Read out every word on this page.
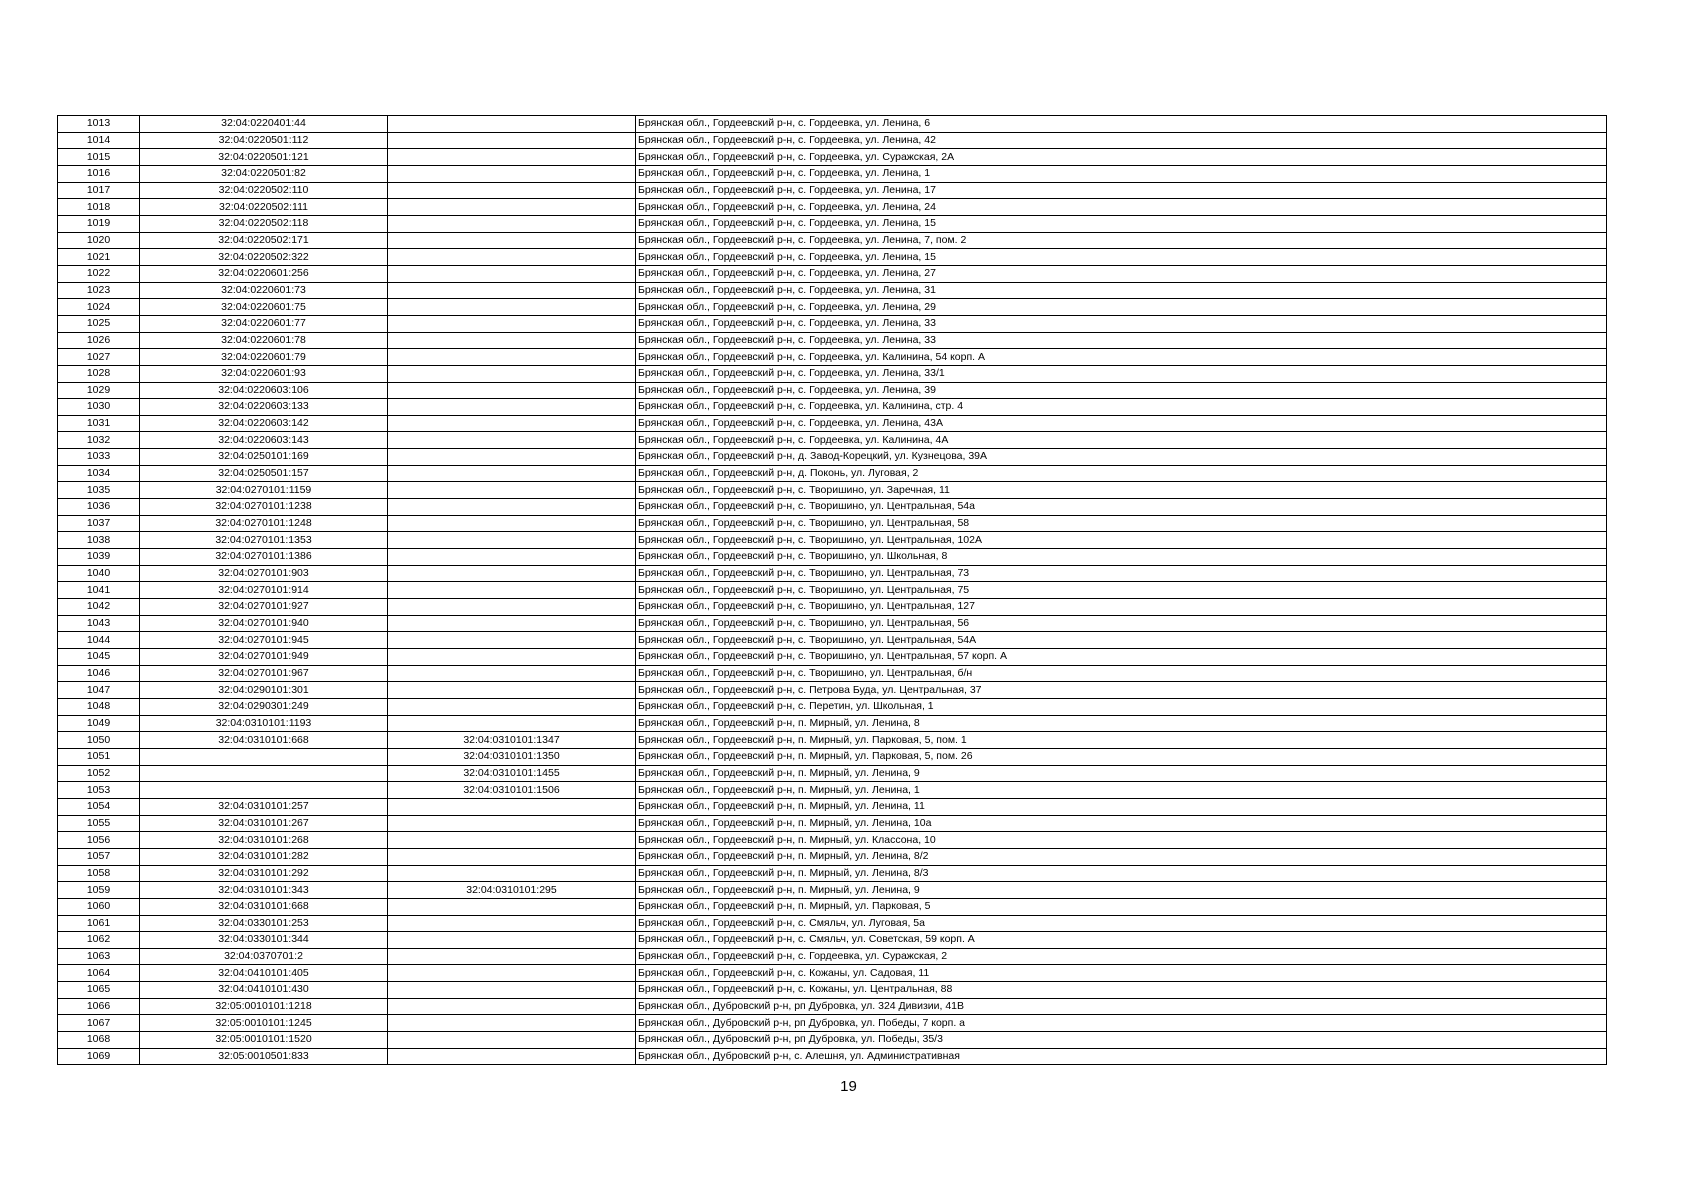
1013	32:04:0220401:44		Брянская обл., Гордеевский р-н, с. Гордеевка, ул. Ленина, 6
1014	32:04:0220501:112		Брянская обл., Гордеевский р-н, с. Гордеевка, ул. Ленина, 42
1015	32:04:0220501:121		Брянская обл., Гордеевский р-н, с. Гордеевка, ул. Суражская, 2А
1016	32:04:0220501:82		Брянская обл., Гордеевский р-н, с. Гордеевка, ул. Ленина, 1
1017	32:04:0220502:110		Брянская обл., Гордеевский р-н, с. Гордеевка, ул. Ленина, 17
1018	32:04:0220502:111		Брянская обл., Гордеевский р-н, с. Гордеевка, ул. Ленина, 24
1019	32:04:0220502:118		Брянская обл., Гордеевский р-н, с. Гордеевка, ул. Ленина, 15
1020	32:04:0220502:171		Брянская обл., Гордеевский р-н, с. Гордеевка, ул. Ленина, 7, пом. 2
1021	32:04:0220502:322		Брянская обл., Гордеевский р-н, с. Гордеевка, ул. Ленина, 15
1022	32:04:0220601:256		Брянская обл., Гордеевский р-н, с. Гордеевка, ул. Ленина, 27
1023	32:04:0220601:73		Брянская обл., Гордеевский р-н, с. Гордеевка, ул. Ленина, 31
1024	32:04:0220601:75		Брянская обл., Гордеевский р-н, с. Гордеевка, ул. Ленина, 29
1025	32:04:0220601:77		Брянская обл., Гордеевский р-н, с. Гордеевка, ул. Ленина, 33
1026	32:04:0220601:78		Брянская обл., Гордеевский р-н, с. Гордеевка, ул. Ленина, 33
1027	32:04:0220601:79		Брянская обл., Гордеевский р-н, с. Гордеевка, ул. Калинина, 54 корп. А
1028	32:04:0220601:93		Брянская обл., Гордеевский р-н, с. Гордеевка, ул. Ленина, 33/1
1029	32:04:0220603:106		Брянская обл., Гордеевский р-н, с. Гордеевка, ул. Ленина, 39
1030	32:04:0220603:133		Брянская обл., Гордеевский р-н, с. Гордеевка, ул. Калинина, стр. 4
1031	32:04:0220603:142		Брянская обл., Гордеевский р-н, с. Гордеевка, ул. Ленина, 43А
1032	32:04:0220603:143		Брянская обл., Гордеевский р-н, с. Гордеевка, ул. Калинина, 4А
1033	32:04:0250101:169		Брянская обл., Гордеевский р-н, д. Завод-Корецкий, ул. Кузнецова, 39А
1034	32:04:0250501:157		Брянская обл., Гордеевский р-н, д. Поконь, ул. Луговая, 2
1035	32:04:0270101:1159		Брянская обл., Гордеевский р-н, с. Творишино, ул. Заречная, 11
1036	32:04:0270101:1238		Брянская обл., Гордеевский р-н, с. Творишино, ул. Центральная, 54а
1037	32:04:0270101:1248		Брянская обл., Гордеевский р-н, с. Творишино, ул. Центральная, 58
1038	32:04:0270101:1353		Брянская обл., Гордеевский р-н, с. Творишино, ул. Центральная, 102А
1039	32:04:0270101:1386		Брянская обл., Гордеевский р-н, с. Творишино, ул. Школьная, 8
1040	32:04:0270101:903		Брянская обл., Гордеевский р-н, с. Творишино, ул. Центральная, 73
1041	32:04:0270101:914		Брянская обл., Гордеевский р-н, с. Творишино, ул. Центральная, 75
1042	32:04:0270101:927		Брянская обл., Гордеевский р-н, с. Творишино, ул. Центральная, 127
1043	32:04:0270101:940		Брянская обл., Гордеевский р-н, с. Творишино, ул. Центральная, 56
1044	32:04:0270101:945		Брянская обл., Гордеевский р-н, с. Творишино, ул. Центральная, 54А
1045	32:04:0270101:949		Брянская обл., Гордеевский р-н, с. Творишино, ул. Центральная, 57 корп. А
1046	32:04:0270101:967		Брянская обл., Гордеевский р-н, с. Творишино, ул. Центральная, б/н
1047	32:04:0290101:301		Брянская обл., Гордеевский р-н, с. Петрова Буда, ул. Центральная, 37
1048	32:04:0290301:249		Брянская обл., Гордеевский р-н, с. Перетин, ул. Школьная, 1
1049	32:04:0310101:1193		Брянская обл., Гордеевский р-н, п. Мирный, ул. Ленина, 8
1050	32:04:0310101:668	32:04:0310101:1347	Брянская обл., Гордеевский р-н, п. Мирный, ул. Парковая, 5, пом. 1
1051		32:04:0310101:1350	Брянская обл., Гордеевский р-н, п. Мирный, ул. Парковая, 5, пом. 26
1052		32:04:0310101:1455	Брянская обл., Гордеевский р-н, п. Мирный, ул. Ленина, 9
1053		32:04:0310101:1506	Брянская обл., Гордеевский р-н, п. Мирный, ул. Ленина, 1
1054	32:04:0310101:257		Брянская обл., Гордеевский р-н, п. Мирный, ул. Ленина, 11
1055	32:04:0310101:267		Брянская обл., Гордеевский р-н, п. Мирный, ул. Ленина, 10а
1056	32:04:0310101:268		Брянская обл., Гордеевский р-н, п. Мирный, ул. Классона, 10
1057	32:04:0310101:282		Брянская обл., Гордеевский р-н, п. Мирный, ул. Ленина, 8/2
1058	32:04:0310101:292		Брянская обл., Гордеевский р-н, п. Мирный, ул. Ленина, 8/3
1059	32:04:0310101:343	32:04:0310101:295	Брянская обл., Гордеевский р-н, п. Мирный, ул. Ленина, 9
1060	32:04:0310101:668		Брянская обл., Гордеевский р-н, п. Мирный, ул. Парковая, 5
1061	32:04:0330101:253		Брянская обл., Гордеевский р-н, с. Смяльч, ул. Луговая, 5а
1062	32:04:0330101:344		Брянская обл., Гордеевский р-н, с. Смяльч, ул. Советская, 59 корп. А
1063	32:04:0370701:2		Брянская обл., Гордеевский р-н, с. Гордеевка, ул. Суражская, 2
1064	32:04:0410101:405		Брянская обл., Гордеевский р-н, с. Кожаны, ул. Садовая, 11
1065	32:04:0410101:430		Брянская обл., Гордеевский р-н, с. Кожаны, ул. Центральная, 88
1066	32:05:0010101:1218		Брянская обл., Дубровский р-н, рп Дубровка, ул. 324 Дивизии, 41В
1067	32:05:0010101:1245		Брянская обл., Дубровский р-н, рп Дубровка, ул. Победы, 7 корп. а
1068	32:05:0010101:1520		Брянская обл., Дубровский р-н, рп Дубровка, ул. Победы, 35/3
1069	32:05:0010501:833		Брянская обл., Дубровский р-н, с. Алешня, ул. Административная
19
